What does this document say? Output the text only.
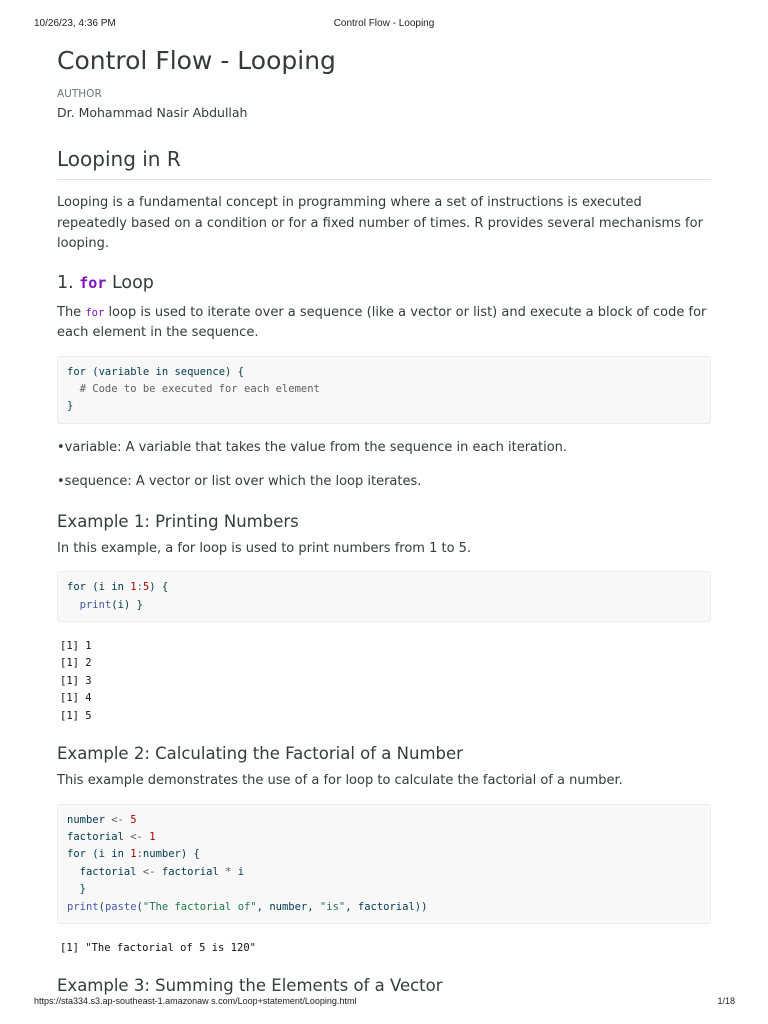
10/26/23, 4:36 PM	Control Flow - Looping
Control Flow - Looping
AUTHOR
Dr. Mohammad Nasir Abdullah
Looping in R

Looping is a fundamental concept in programming where a set of instructions is executed repeatedly based on a condition or for a fixed number of times. R provides several mechanisms for looping.

1. for Loop

The for loop is used to iterate over a sequence (like a vector or list) and execute a block of code for each element in the sequence.

for (variable in sequence) {
# Code to be executed for each element
}

•variable: A variable that takes the value from the sequence in each iteration.

•sequence: A vector or list over which the loop iterates.

Example 1: Printing Numbers

In this example, a for loop is used to print numbers from 1 to 5.

for (i in 1:5) {
print(i) }
[1] 1
[1] 2
[1] 3
[1] 4
[1] 5
Example 2: Calculating the Factorial of a Number

This example demonstrates the use of a for loop to calculate the factorial of a number.

number <- 5
factorial <- 1
for (i in 1:number) {
factorial <- factorial * i
}
print(paste("The factorial of", number, "is", factorial))
[1] "The factorial of 5 is 120"
Example 3: Summing the Elements of a Vector
https://sta334.s3.ap-southeast-1.amazonaw s.com/Loop+statement/Looping.html	1/18
